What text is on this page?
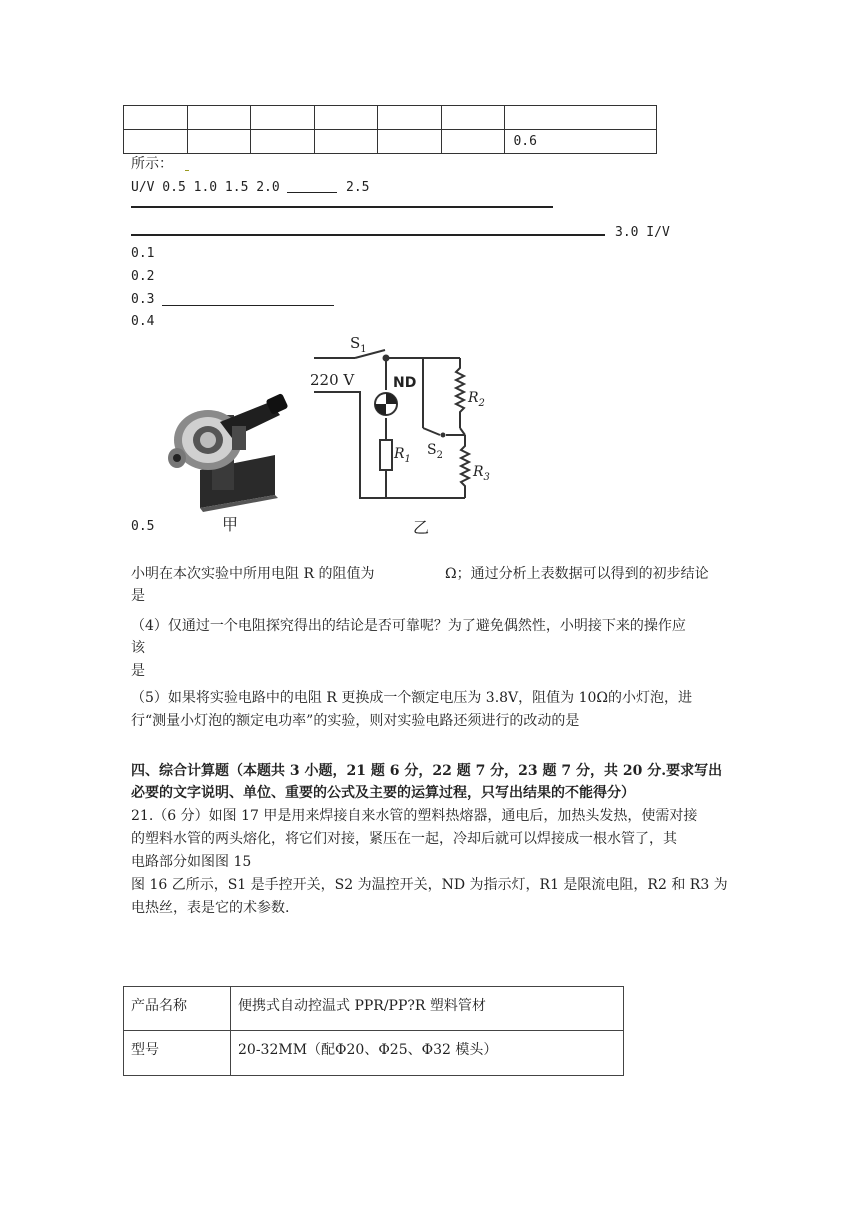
						0.6
所示：
U/V 0.5 1.0 1.5 2.0	2.5
3.0 I/V
0.1
0.2
0.3
0.4
0.5	甲
$S_1$
220 V	ND
$R_1$
$R_2$
$S_2$
$R_3$
乙
小明在本次实验中所用电阻 R 的阻值为	Ω；通过分析上表数据可以得到的初步结论
是
（4）仅通过一个电阻探究得出的结论是否可靠呢？为了避免偶然性，小明接下来的操作应
该
是
（5）如果将实验电路中的电阻 R 更换成一个额定电压为 3.8V，阻值为 10Ω的小灯泡，进
行“测量小灯泡的额定电功率”的实验，则对实验电路还须进行的改动的是
四、综合计算题（本题共 3 小题，21 题 6 分，22 题 7 分，23 题 7 分，共 20 分.要求写出
必要的文字说明、单位、重要的公式及主要的运算过程，只写出结果的不能得分）
21.（6 分）如图 17 甲是用来焊接自来水管的塑料热熔器，通电后，加热头发热，使需对接
的塑料水管的两头熔化，将它们对接，紧压在一起，冷却后就可以焊接成一根水管了，其
电路部分如图图 15
图 16 乙所示，S1 是手控开关，S2 为温控开关，ND 为指示灯，R1 是限流电阻，R2 和 R3 为
电热丝，表是它的术参数.
产品名称	便携式自动控温式 PPR/PP?R 塑料管材
型号	20-32MM（配Φ20、Φ25、Φ32 模头）
